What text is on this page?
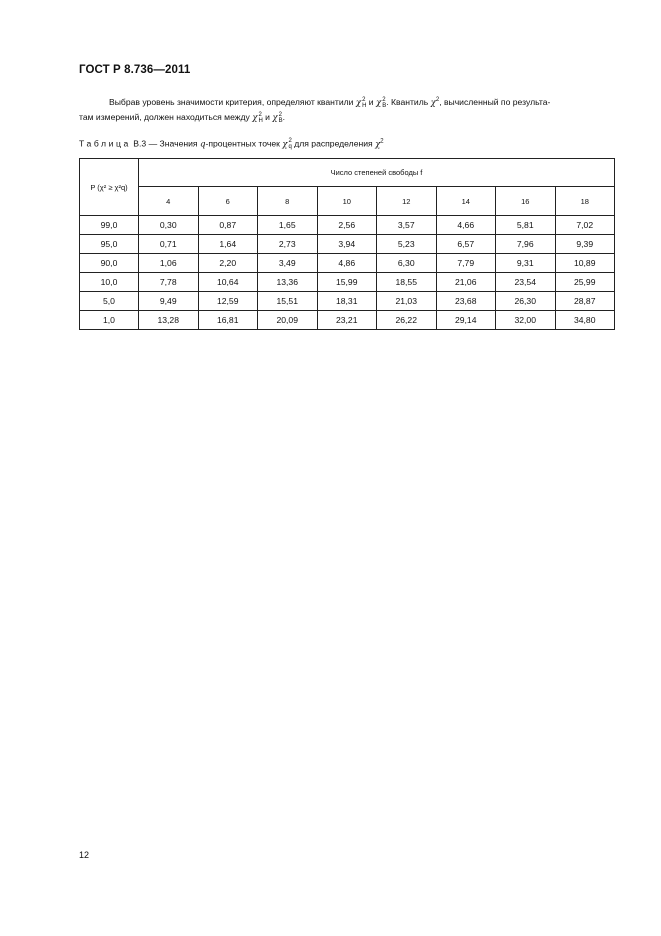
ГОСТ Р 8.736—2011
Выбрав уровень значимости критерия, определяют квантили χ 2
Н и χ 2
В . Квантиль $\chi^2$, вычисленный по результа-
там измерений, должен находиться между χ 2
Н и χ 2
В .
Таблица В.3 — Значения q-процентных точек χ 2
q для распределения $\chi^2$
P (χ² ≥ χ²q)	Число степеней свободы f							
	4	6	8	10	12	14	16	18
99,0	0,30	0,87	1,65	2,56	3,57	4,66	5,81	7,02
95,0	0,71	1,64	2,73	3,94	5,23	6,57	7,96	9,39
90,0	1,06	2,20	3,49	4,86	6,30	7,79	9,31	10,89
10,0	7,78	10,64	13,36	15,99	18,55	21,06	23,54	25,99
5,0	9,49	12,59	15,51	18,31	21,03	23,68	26,30	28,87
1,0	13,28	16,81	20,09	23,21	26,22	29,14	32,00	34,80
12
